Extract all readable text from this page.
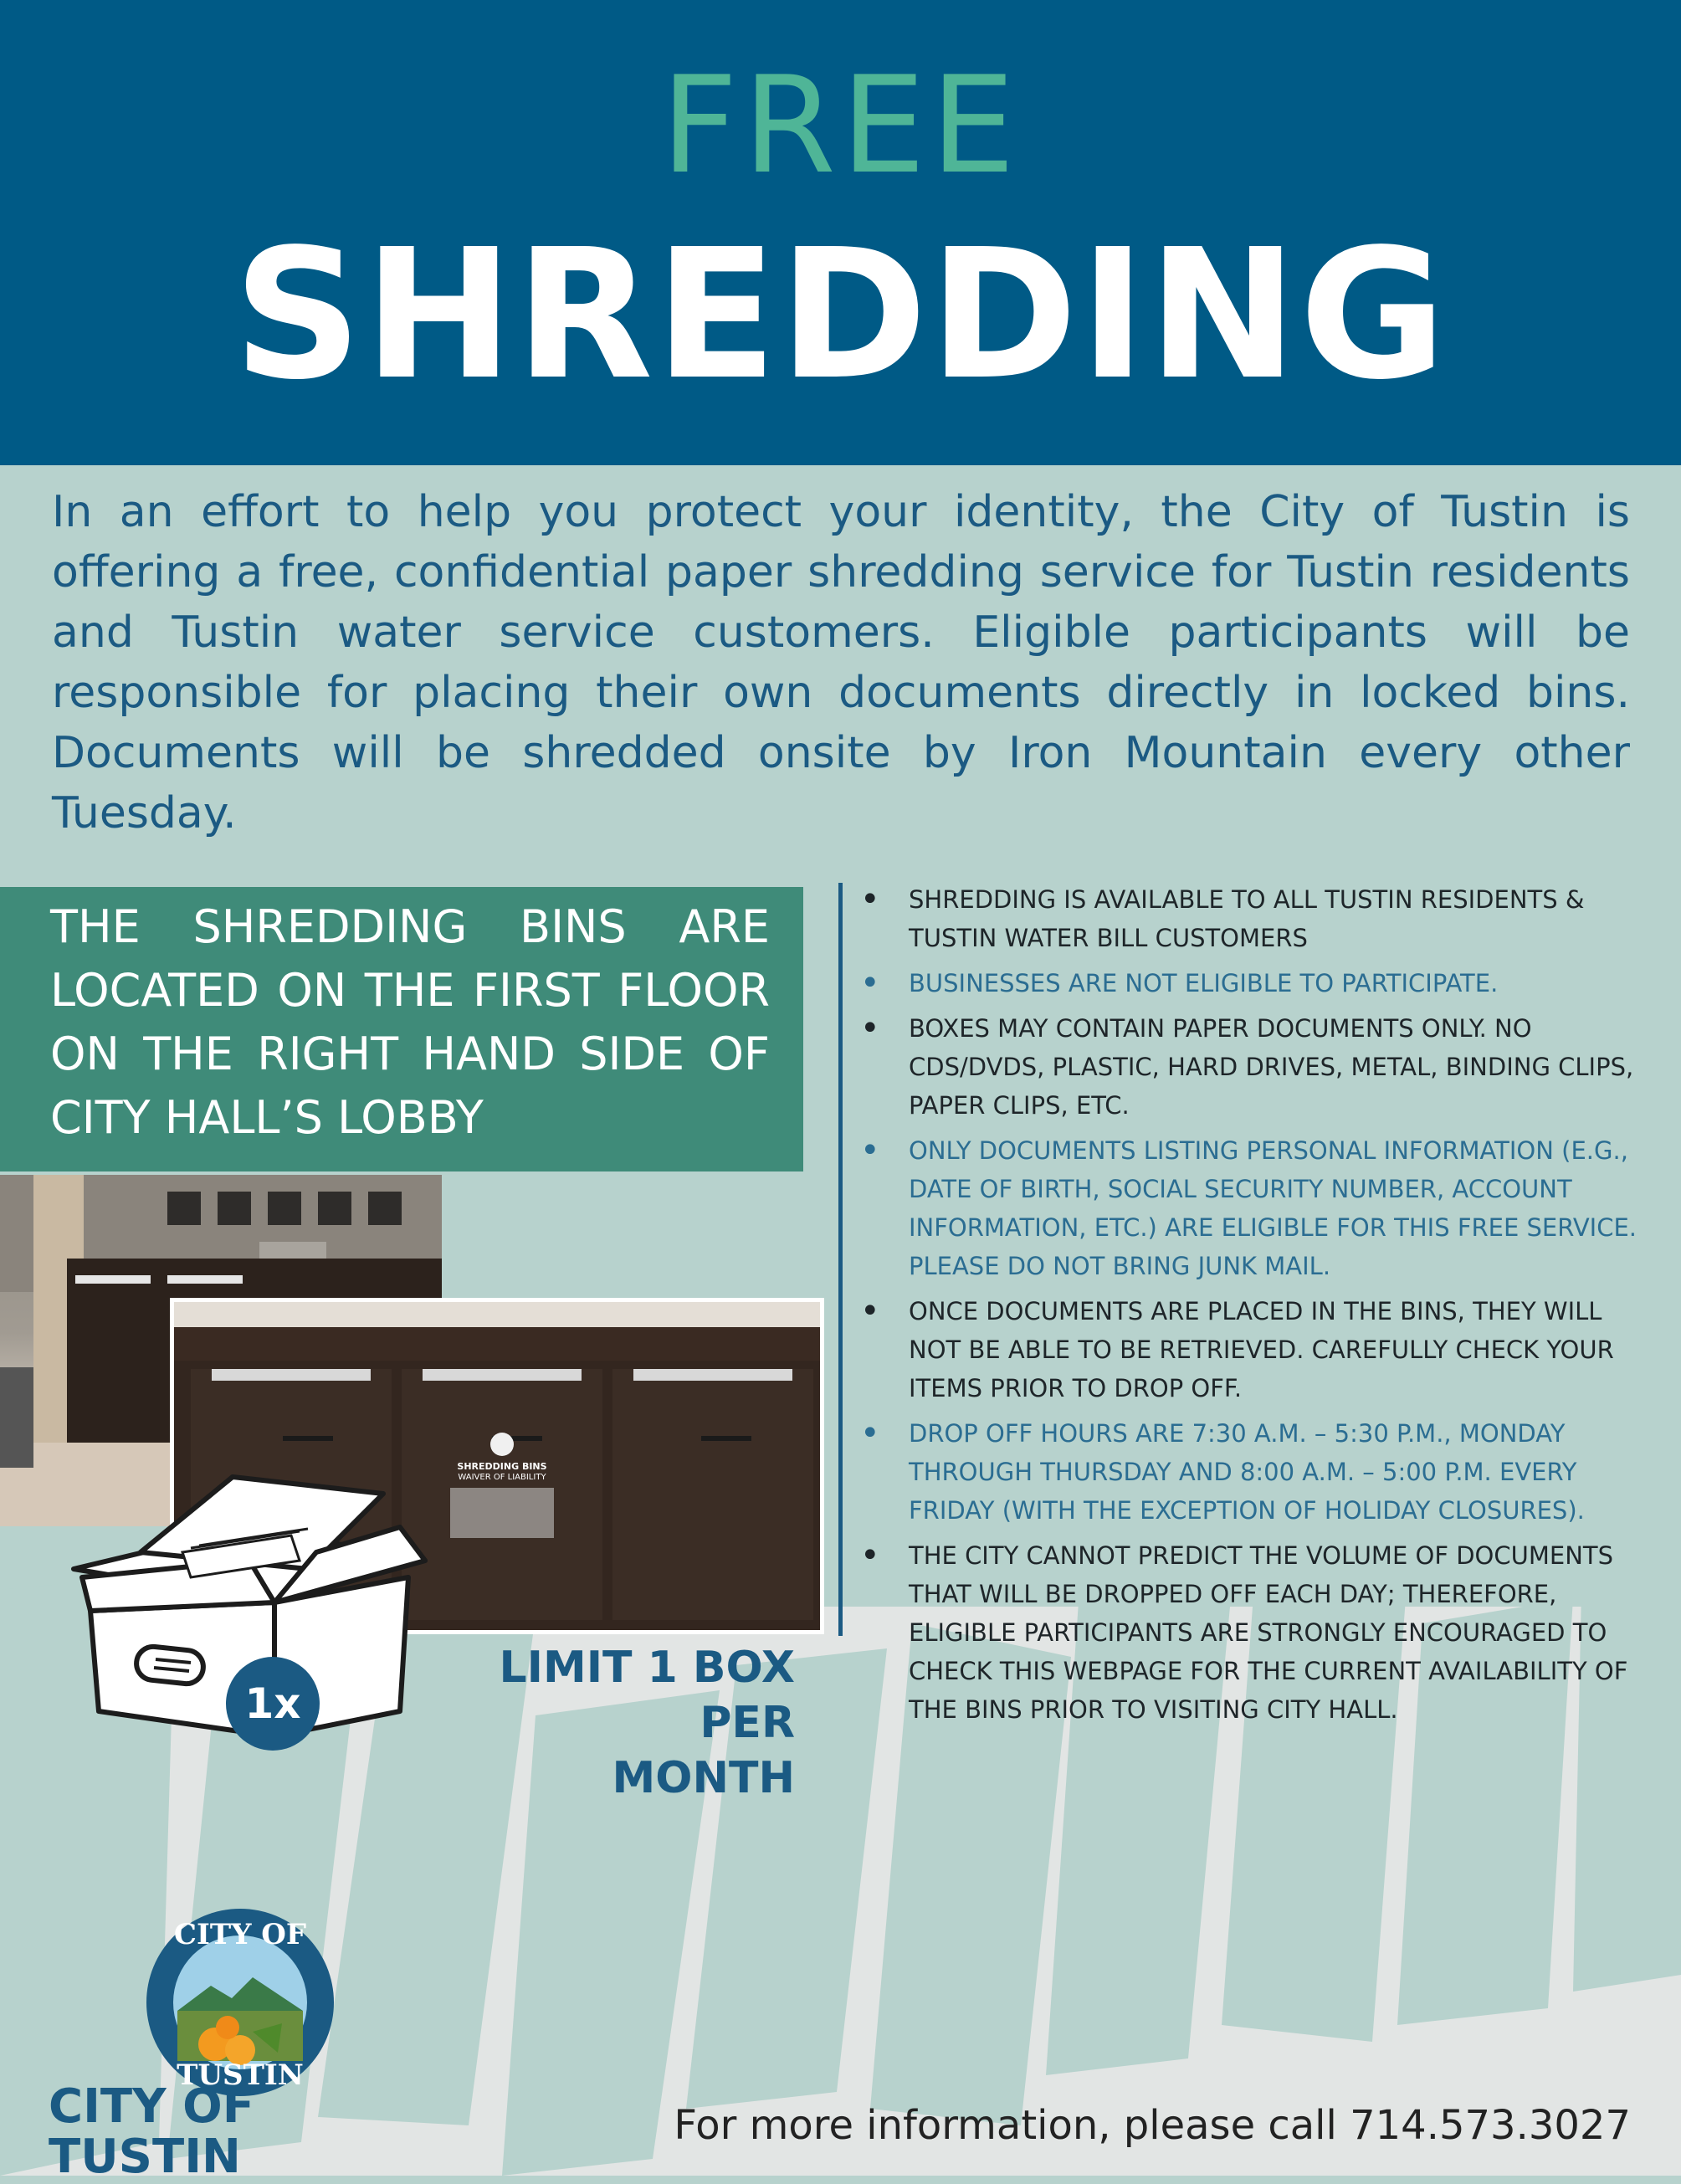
FREE
SHREDDING
In an effort to help you protect your identity, the City of Tustin is offering a free, confidential paper shredding service for Tustin residents and Tustin water service customers. Eligible participants will be responsible for placing their own documents directly in locked bins. Documents will be shredded onsite by Iron Mountain every other Tuesday.
THE SHREDDING BINS ARE LOCATED ON THE FIRST FLOOR ON THE RIGHT HAND SIDE OF CITY HALL’S LOBBY
SHREDDING BINS
WAIVER OF LIABILITY
• SHREDDING IS AVAILABLE TO ALL TUSTIN RESIDENTS & TUSTIN WATER BILL CUSTOMERS
• BUSINESSES ARE NOT ELIGIBLE TO PARTICIPATE.
• BOXES MAY CONTAIN PAPER DOCUMENTS ONLY. NO CDS/DVDS, PLASTIC, HARD DRIVES, METAL, BINDING CLIPS, PAPER CLIPS, ETC.
• ONLY DOCUMENTS LISTING PERSONAL INFORMATION (E.G., DATE OF BIRTH, SOCIAL SECURITY NUMBER, ACCOUNT INFORMATION, ETC.) ARE ELIGIBLE FOR THIS FREE SERVICE. PLEASE DO NOT BRING JUNK MAIL.
• ONCE DOCUMENTS ARE PLACED IN THE BINS, THEY WILL NOT BE ABLE TO BE RETRIEVED. CAREFULLY CHECK YOUR ITEMS PRIOR TO DROP OFF.
• DROP OFF HOURS ARE 7:30 A.M. – 5:30 P.M., MONDAY THROUGH THURSDAY AND 8:00 A.M. – 5:00 P.M. EVERY FRIDAY (WITH THE EXCEPTION OF HOLIDAY CLOSURES).
• THE CITY CANNOT PREDICT THE VOLUME OF DOCUMENTS THAT WILL BE DROPPED OFF EACH DAY; THEREFORE, ELIGIBLE PARTICIPANTS ARE STRONGLY ENCOURAGED TO CHECK THIS WEBPAGE FOR THE CURRENT AVAILABILITY OF THE BINS PRIOR TO VISITING CITY HALL.
1x
LIMIT 1 BOX PER
MONTH
CITY OF
TUSTIN
CITY OF TUSTIN
For more information, please call 714.573.3027
